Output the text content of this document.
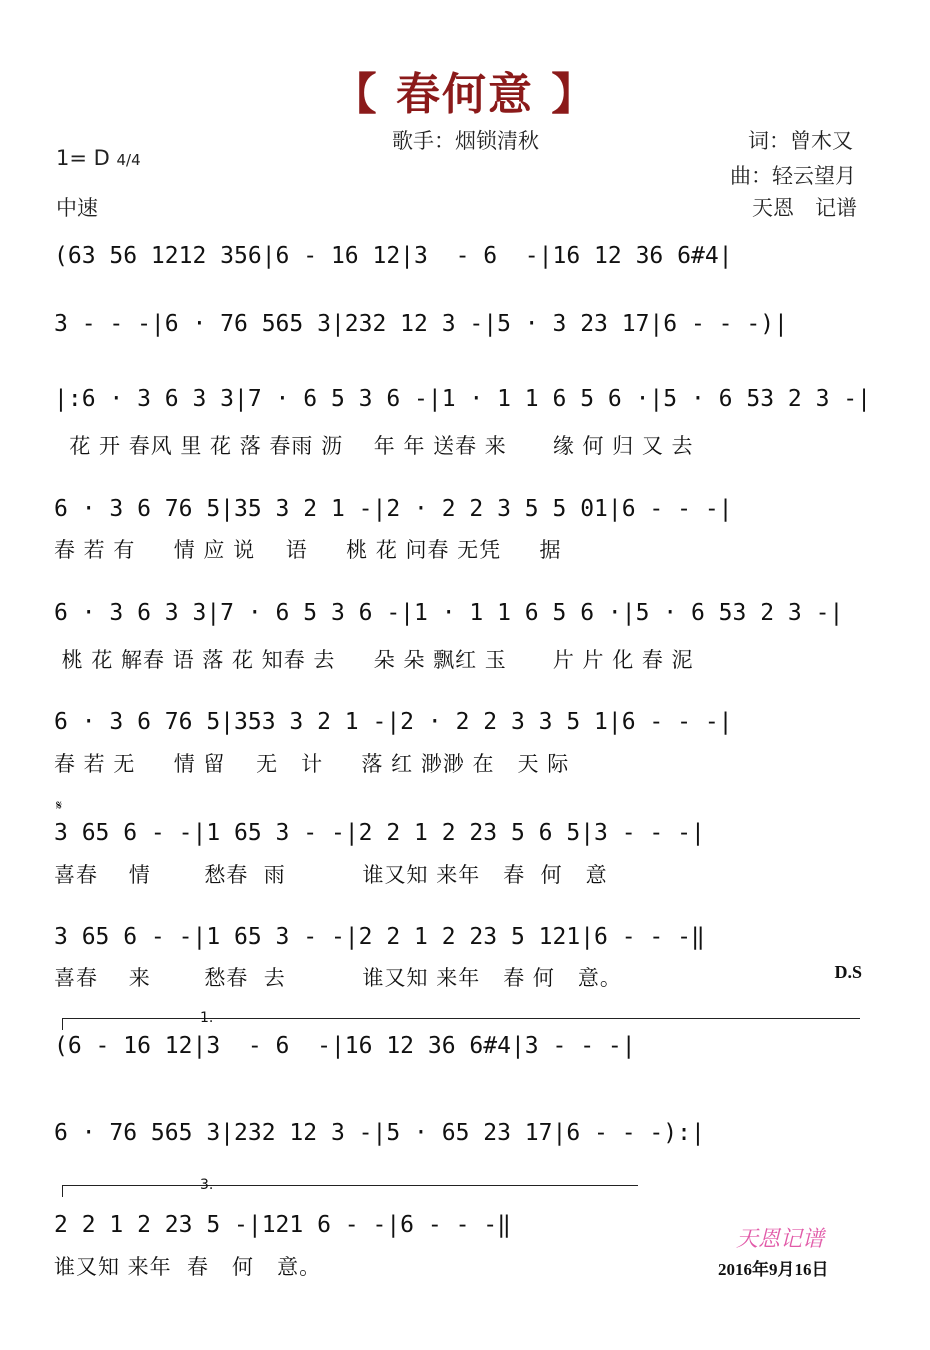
【 春何意 】
1= D 4/4
中速
歌手：烟锁清秋	词：曾木又
曲：轻云望月
天恩　记谱
(63 56 1212 356|6 - 16 12|3  - 6  -|16 12 36 6#4|
3 - - -|6 · 76 565 3|232 12 3 -|5 · 3 23 17|6 - - -)|
|:6 · 3 6 3 3|7 · 6 5 3 6 -|1 · 1 1 6 5 6 ·|5 · 6 53 2 3 -|
花 开 春风 里 花 落 春雨 沥    年 年 送春 来      缘 何 归 又 去
6 · 3 6 76 5|35 3 2 1 -|2 · 2 2 3 5 5 01|6 - - -|
春 若 有     情 应 说    语     桃 花 问春 无凭     据
6 · 3 6 3 3|7 · 6 5 3 6 -|1 · 1 1 6 5 6 ·|5 · 6 53 2 3 -|
桃 花 解春 语 落 花 知春 去     朵 朵 飘红 玉      片 片 化 春 泥
6 · 3 6 76 5|353 3 2 1 -|2 · 2 2 3 3 5 1|6 - - -|
春 若 无     情 留    无   计     落 红 渺渺 在   天 际
𝄋
3 65 6 - -|1 65 3 - -|2 2 1 2 23 5 6 5|3 - - -|
喜春    情       愁春  雨          谁又知 来年   春  何   意
3 65 6 - -|1 65 3 - -|2 2 1 2 23 5 121|6 - - -‖
喜春    来       愁春  去          谁又知 来年   春 何   意。	D.S
1.
(6 - 16 12|3  - 6  -|16 12 36 6#4|3 - - -|
6 · 76 565 3|232 12 3 -|5 · 65 23 17|6 - - -):|
3.
2 2 1 2 23 5 -|121 6 - -|6 - - -‖
谁又知 来年  春   何   意。
天恩记谱
2016年9月16日
